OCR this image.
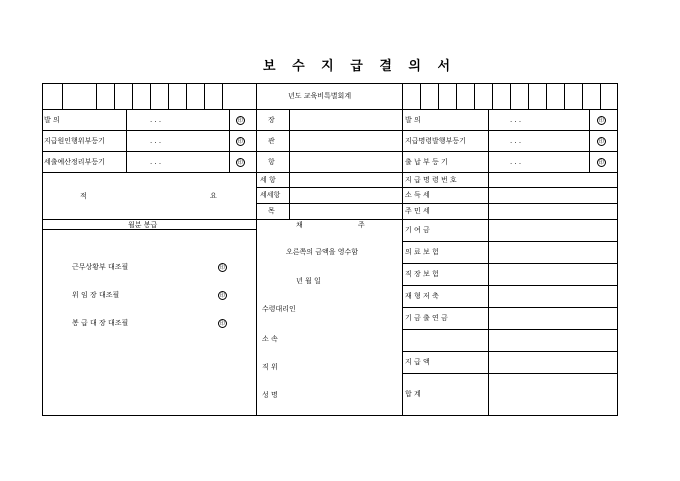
보 수 지 급 결 의 서
년도 교육비특별회계
발 의
지급원인행위부등기
세출예산정리부등기
. . .
. . .
. . .
印
印
印
적	요
장
관
항
세 항
세세항
목
발 의
지급명령발행부등기
출 납 부 등 기
. . .
. . .
. . .
印
印
印
지 급 명 령 번 호
소 득 세
주 민 세
기 여 금
의 료 보 험
직 장 보 험
재 형 저 축
기 금 출 연 금
지 급 액
합 계
월분 봉급
근무상황부 대조필
위 임 장 대조필
봉 급 대 장 대조필
印
印
印
채	주
오른쪽의 금액을 영수함
년 월 일
수령대리인
소 속
직 위
성 명
